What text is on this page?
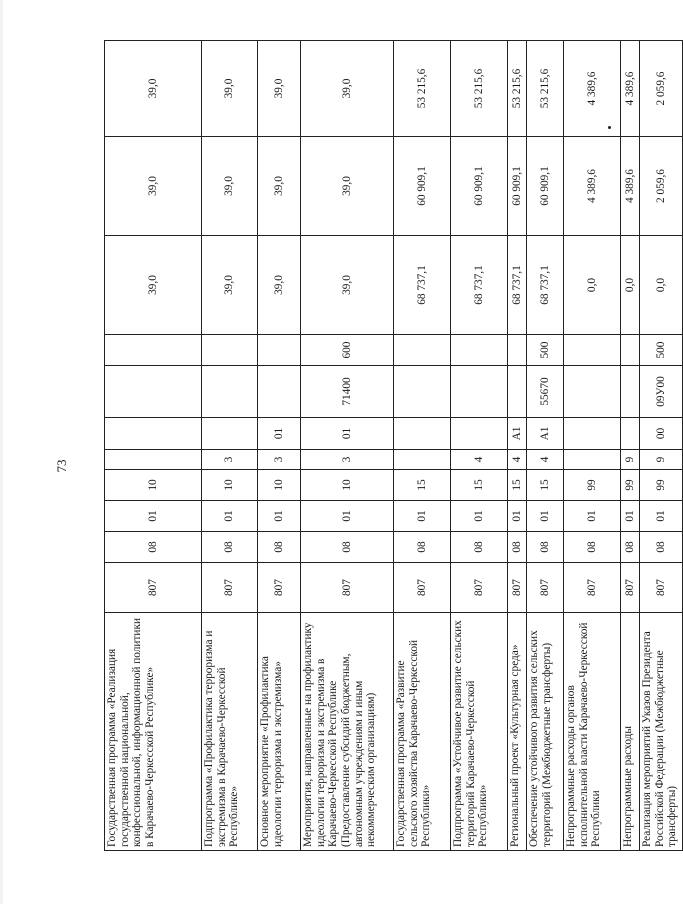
73
Государственная программа «Реализация государственной национальной, конфессиональной, информационной политики в Карачаево-Черкесской Республике»	807	08	01	10					39,0	39,0	39,0
Подпрограмма «Профилактика терроризма и экстремизма в Карачаево-Черкесской Республике»	807	08	01	10	3				39,0	39,0	39,0
Основное мероприятие «Профилактика идеологии терроризма и экстремизма»	807	08	01	10	3	01			39,0	39,0	39,0
Мероприятия, направленные на профилактику идеологии терроризма и экстремизма в Карачаево-Черкесской Республике (Предоставление субсидий бюджетным, автономным учреждениям и иным некоммерческим организациям)	807	08	01	10	3	01	71400	600	39,0	39,0	39,0
Государственная программа «Развитие сельского хозяйства Карачаево-Черкесской Республики»	807	08	01	15					68 737,1	60 909,1	53 215,6
Подпрограмма «Устойчивое развитие сельских территорий Карачаево-Черкесской Республики»	807	08	01	15	4				68 737,1	60 909,1	53 215,6
Региональный проект «Культурная среда»	807	08	01	15	4	A1			68 737,1	60 909,1	53 215,6
Обеспечение устойчивого развития сельских территорий (Межбюджетные трансферты)	807	08	01	15	4	A1	55670	500	68 737,1	60 909,1	53 215,6
Непрограммные расходы органов исполнительной власти Карачаево-Черкесской Республики	807	08	01	99					0,0	4 389,6	4 389,6
Непрограммные расходы	807	08	01	99	9				0,0	4 389,6	4 389,6
Реализация мероприятий Указов Президента Российской Федерации (Межбюджетные трансферты)	807	08	01	99	9	00	09У00	500	0,0	2 059,6	2 059,6
